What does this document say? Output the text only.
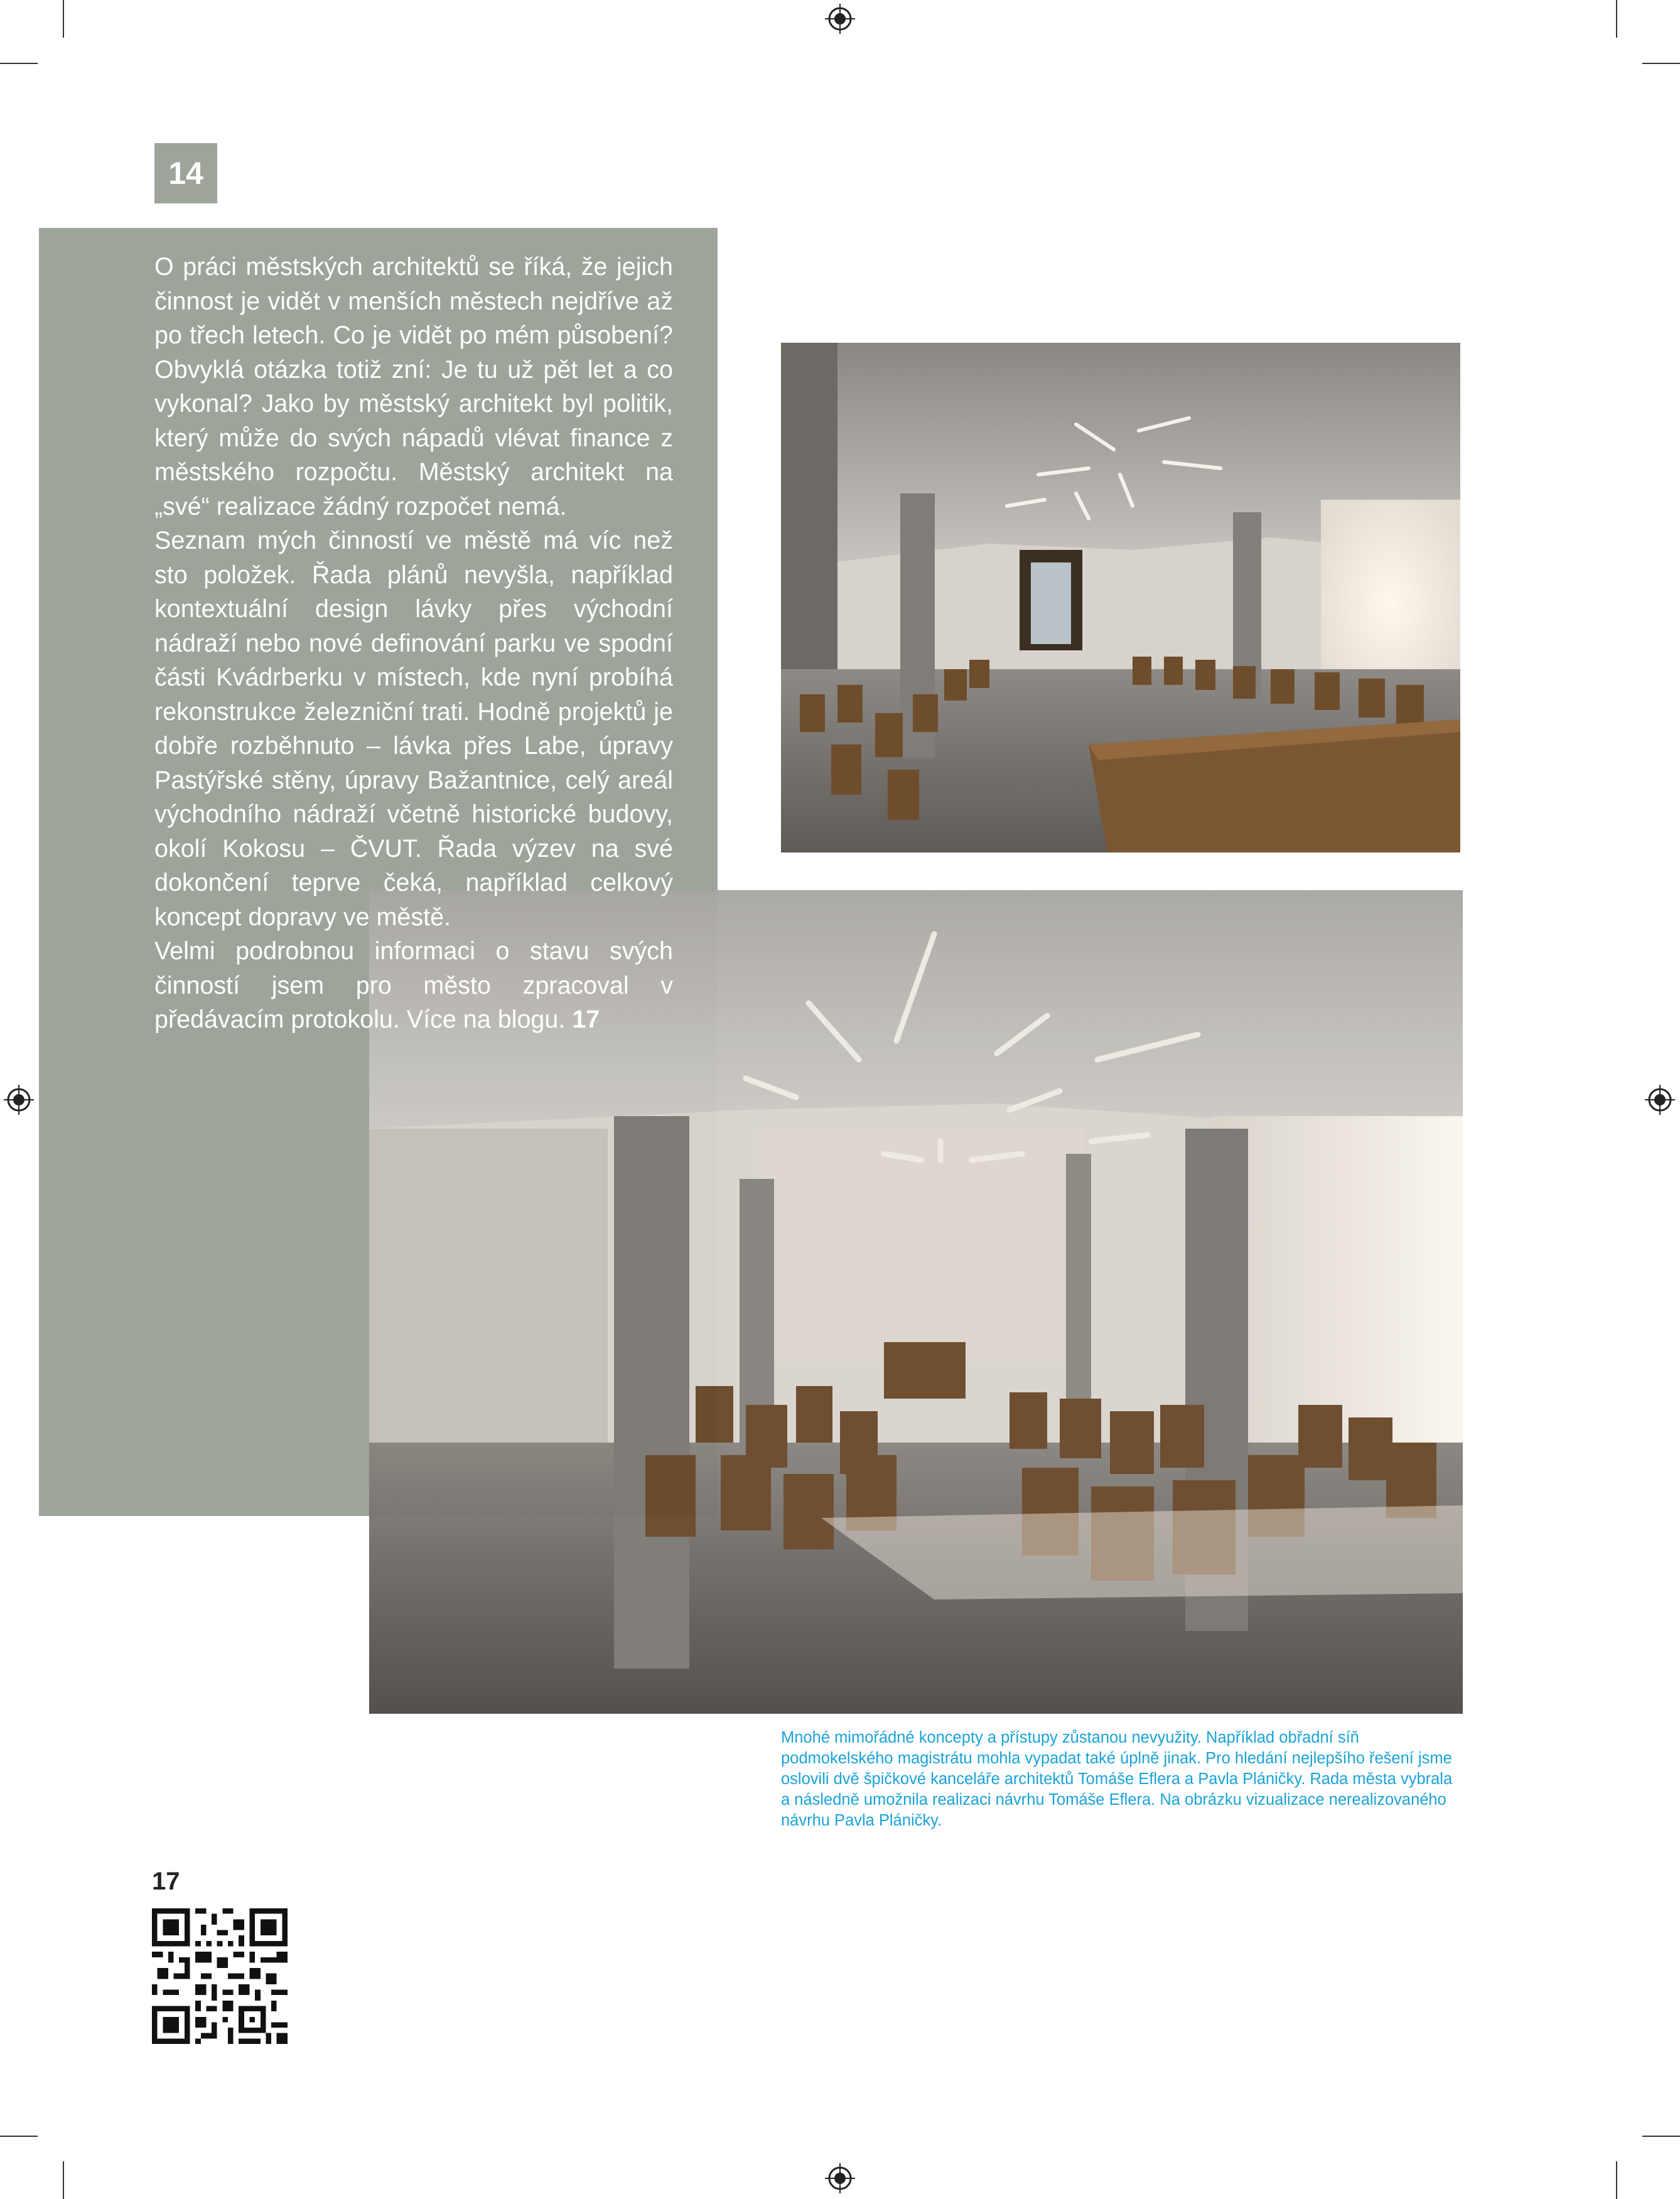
14

O práci městských architektů se říká, že jejich činnost je vidět v menších městech nejdříve až po třech letech. Co je vidět po mém působení? Obvyklá otázka totiž zní: Je tu už pět let a co vykonal? Jako by městský architekt byl politik, který může do svých nápadů vlévat finance z městského rozpočtu. Městský architekt na „své“ realizace žádný rozpočet nemá.

Seznam mých činností ve městě má víc než sto položek. Řada plánů nevyšla, například kontextuální design lávky přes východní nádraží nebo nové definování parku ve spodní části Kvádrberku v místech, kde nyní probíhá rekonstrukce železniční trati. Hodně projektů je dobře rozběhnuto – lávka přes Labe, úpravy Pastýřské stěny, úpravy Bažantnice, celý areál východního nádraží včetně historické budovy, okolí Kokosu – ČVUT. Řada výzev na své dokončení teprve čeká, například celkový koncept dopravy ve městě.

Velmi podrobnou informaci o stavu svých činností jsem pro město zpracoval v předávacím protokolu. Více na blogu. 17

Mnohé mimořádné koncepty a přístupy zůstanou nevyužity. Například obřadní síň podmokelského magistrátu mohla vypadat také úplně jinak. Pro hledání nejlepšího řešení jsme oslovili dvě špičkové kanceláře architektů Tomáše Eflera a Pavla Pláničky. Rada města vybrala a následně umožnila realizaci návrhu Tomáše Eflera. Na obrázku vizualizace nerealizovaného návrhu Pavla Pláničky.

17
